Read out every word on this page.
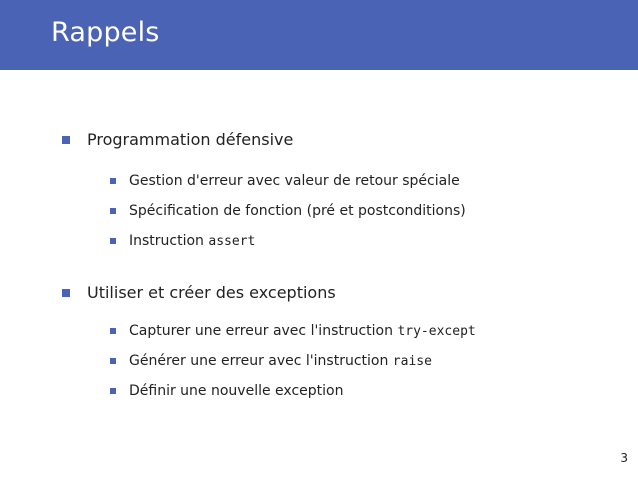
Rappels
Programmation défensive
Gestion d'erreur avec valeur de retour spéciale
Spécification de fonction (pré et postconditions)
Instruction assert
Utiliser et créer des exceptions
Capturer une erreur avec l'instruction try-except
Générer une erreur avec l'instruction raise
Définir une nouvelle exception
3
